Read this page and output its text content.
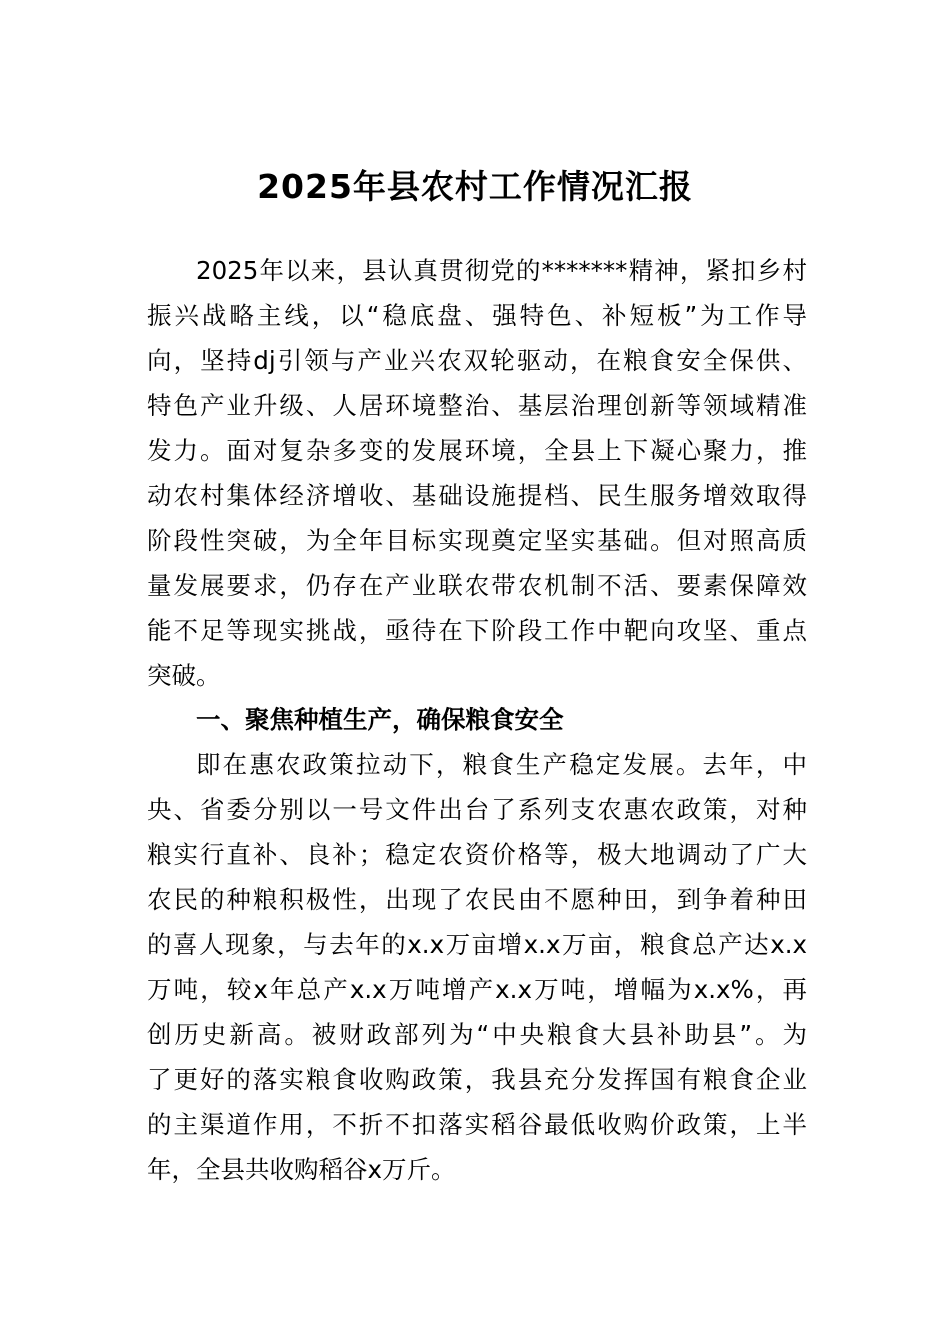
2025年县农村工作情况汇报
2025年以来，县认真贯彻党的*******精神，紧扣乡村
振兴战略主线，以“稳底盘、强特色、补短板”为工作导
向，坚持dj引领与产业兴农双轮驱动，在粮食安全保供、
特色产业升级、人居环境整治、基层治理创新等领域精准
发力。面对复杂多变的发展环境，全县上下凝心聚力，推
动农村集体经济增收、基础设施提档、民生服务增效取得
阶段性突破，为全年目标实现奠定坚实基础。但对照高质
量发展要求，仍存在产业联农带农机制不活、要素保障效
能不足等现实挑战，亟待在下阶段工作中靶向攻坚、重点
突破。
一、聚焦种植生产，确保粮食安全
即在惠农政策拉动下，粮食生产稳定发展。去年，中
央、省委分别以一号文件出台了系列支农惠农政策，对种
粮实行直补、良补；稳定农资价格等，极大地调动了广大
农民的种粮积极性，出现了农民由不愿种田，到争着种田
的喜人现象，与去年的x.x万亩增x.x万亩，粮食总产达x.x
万吨，较x年总产x.x万吨增产x.x万吨，增幅为x.x%，再
创历史新高。被财政部列为“中央粮食大县补助县”。为
了更好的落实粮食收购政策，我县充分发挥国有粮食企业
的主渠道作用，不折不扣落实稻谷最低收购价政策，上半
年，全县共收购稻谷x万斤。
